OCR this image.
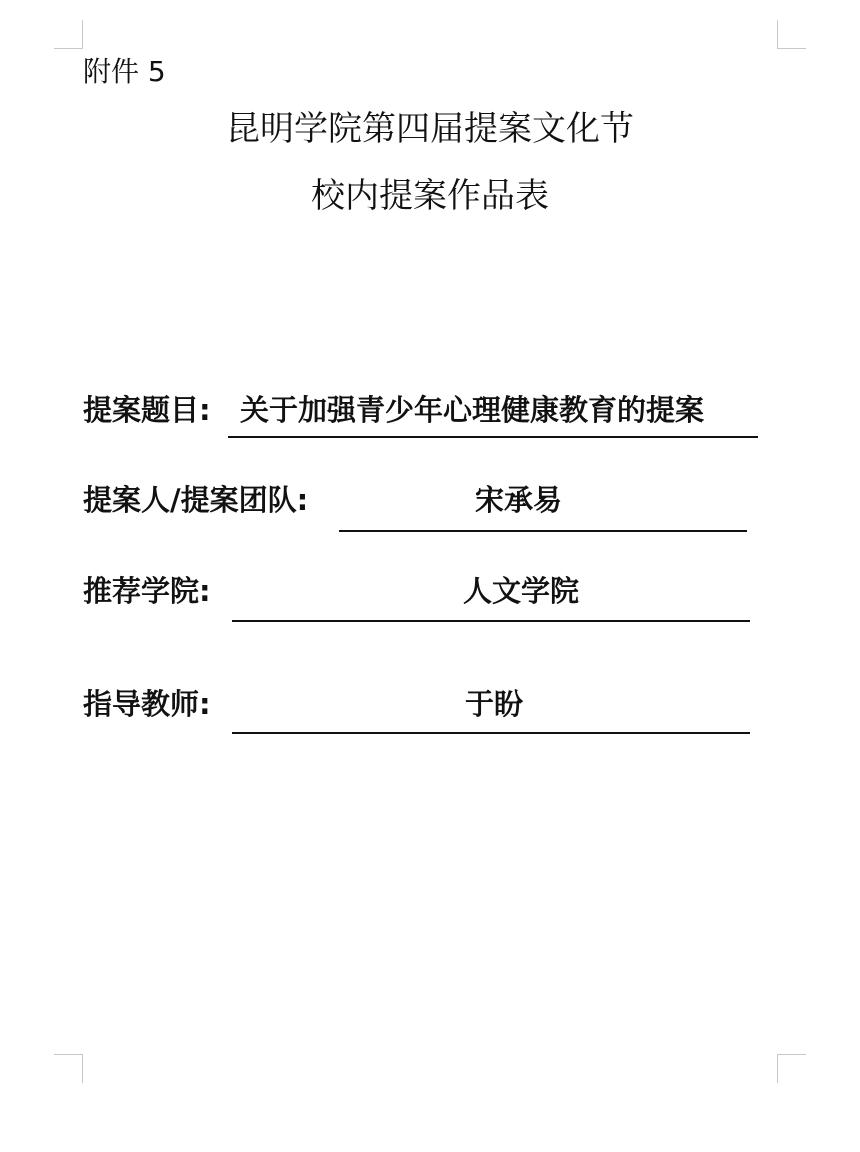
附件 5
昆明学院第四届提案文化节
校内提案作品表
提案题目: 关于加强青少年心理健康教育的提案
提案人/提案团队:	宋承易
推荐学院:	人文学院
指导教师:	于盼
